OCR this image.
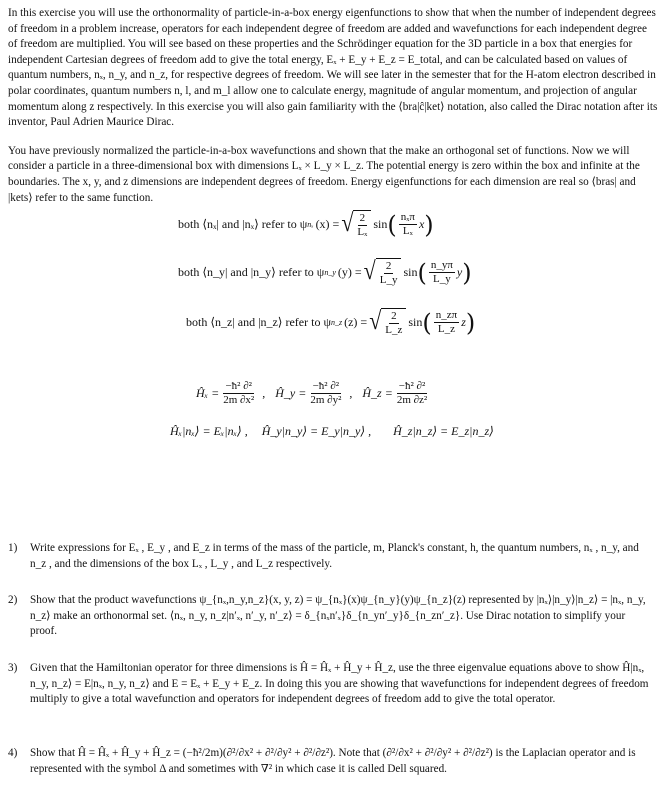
In this exercise you will use the orthonormality of particle-in-a-box energy eigenfunctions to show that when the number of independent degrees of freedom in a problem increase, operators for each independent degree of freedom are added and wavefunctions for each independent degree of freedom are multiplied. You will see based on these properties and the Schrödinger equation for the 3D particle in a box that energies for independent Cartesian degrees of freedom add to give the total energy, Eₓ + E_y + E_z = E_total, and can be calculated based on values of quantum numbers, nₓ, n_y, and n_z, for respective degrees of freedom. We will see later in the semester that for the H-atom electron described in polar coordinates, quantum numbers n, l, and m_l allow one to calculate energy, magnitude of angular momentum, and projection of angular momentum along z respectively. In this exercise you will also gain familiarity with the ⟨bra|ĉ|ket⟩ notation, also called the Dirac notation after its inventor, Paul Adrien Maurice Dirac.

You have previously normalized the particle-in-a-box wavefunctions and shown that the make an orthogonal set of functions. Now we will consider a particle in a three-dimensional box with dimensions Lₓ × L_y × L_z. The potential energy is zero within the box and infinite at the boundaries. The x, y, and z dimensions are independent degrees of freedom. Energy eigenfunctions for each dimension are real so ⟨bras| and |kets⟩ refer to the same function.

both ⟨nₓ| and |nₓ⟩ refer to ψ nₓ (x) = √ $\frac{2}{\text{Lₓ}}$ sin ( $\frac{\text{nₓπ}}{\text{Lₓ}}$ x )
both ⟨n_y| and |n_y⟩ refer to ψ n_y (y) = √ $\frac{2}{L\_y}$ sin ( $\frac{n\_y\pi}{L\_y}$ y )
both ⟨n_z| and |n_z⟩ refer to ψ n_z (z) = √ $\frac{2}{L\_z}$ sin ( $\frac{n\_z\pi}{L\_z}$ z )
Ĥₓ = $\frac{\text{−ħ² ∂²}}{\text{2m ∂x²}}$ , Ĥ_y = $\frac{\text{−ħ² ∂²}}{\text{2m ∂y²}}$ , Ĥ_z = $\frac{\text{−ħ² ∂²}}{\text{2m ∂z²}}$
Ĥₓ|nₓ⟩ = Eₓ|nₓ⟩ , Ĥ_y|n_y⟩ = E_y|n_y⟩ , Ĥ_z|n_z⟩ = E_z|n_z⟩
1) Write expressions for Eₓ , E_y , and E_z in terms of the mass of the particle, m, Planck's constant, h, the quantum numbers, nₓ , n_y, and n_z , and the dimensions of the box Lₓ , L_y , and L_z respectively.
2) Show that the product wavefunctions ψ_{nₓ,n_y,n_z}(x, y, z) = ψ_{nₓ}(x)ψ_{n_y}(y)ψ_{n_z}(z) represented by |nₓ⟩|n_y⟩|n_z⟩ = |nₓ, n_y, n_z⟩ make an orthonormal set. ⟨nₓ, n_y, n_z|n′ₓ, n′_y, n′_z⟩ = δ_{nₓn′ₓ}δ_{n_yn′_y}δ_{n_zn′_z}. Use Dirac notation to simplify your proof.
3) Given that the Hamiltonian operator for three dimensions is Ĥ = Ĥₓ + Ĥ_y + Ĥ_z, use the three eigenvalue equations above to show Ĥ|nₓ, n_y, n_z⟩ = E|nₓ, n_y, n_z⟩ and E = Eₓ + E_y + E_z. In doing this you are showing that wavefunctions for independent degrees of freedom multiply to give a total wavefunction and operators for independent degrees of freedom add to give the total operator.
4) Show that Ĥ = Ĥₓ + Ĥ_y + Ĥ_z = (−ħ²/2m)(∂²/∂x² + ∂²/∂y² + ∂²/∂z²). Note that (∂²/∂x² + ∂²/∂y² + ∂²/∂z²) is the Laplacian operator and is represented with the symbol Δ and sometimes with ∇² in which case it is called Dell squared.
